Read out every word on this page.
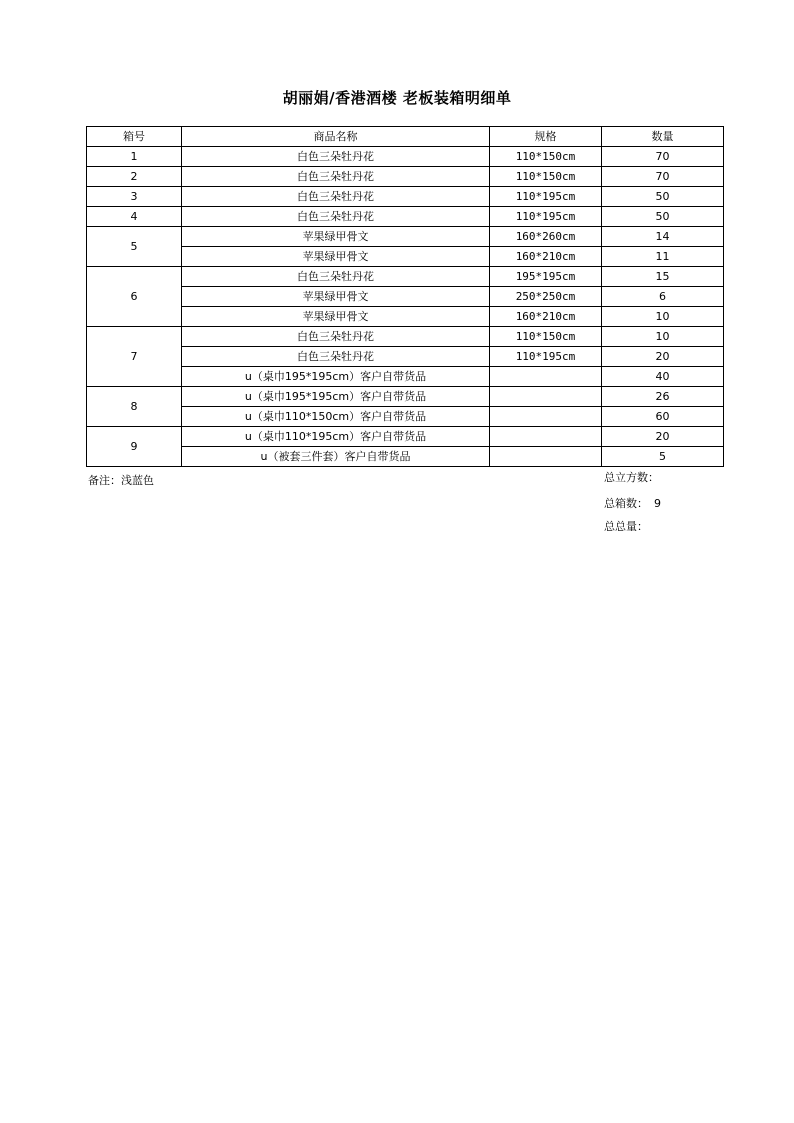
胡丽娟/香港酒楼 老板装箱明细单
箱号	商品名称	规格	数量
1	白色三朵牡丹花	110*150cm	70
2	白色三朵牡丹花	110*150cm	70
3	白色三朵牡丹花	110*195cm	50
4	白色三朵牡丹花	110*195cm	50
5	苹果绿甲骨文	160*260cm	14
	苹果绿甲骨文	160*210cm	11
6	白色三朵牡丹花	195*195cm	15
	苹果绿甲骨文	250*250cm	6
	苹果绿甲骨文	160*210cm	10
7	白色三朵牡丹花	110*150cm	10
	白色三朵牡丹花	110*195cm	20
	u（桌巾195*195cm）客户自带货品		40
8	u（桌巾195*195cm）客户自带货品		26
	u（桌巾110*150cm）客户自带货品		60
9	u（桌巾110*195cm）客户自带货品		20
	u（被套三件套）客户自带货品		5
备注：浅蓝色	总立方数：
总箱数： 9
总总量：
